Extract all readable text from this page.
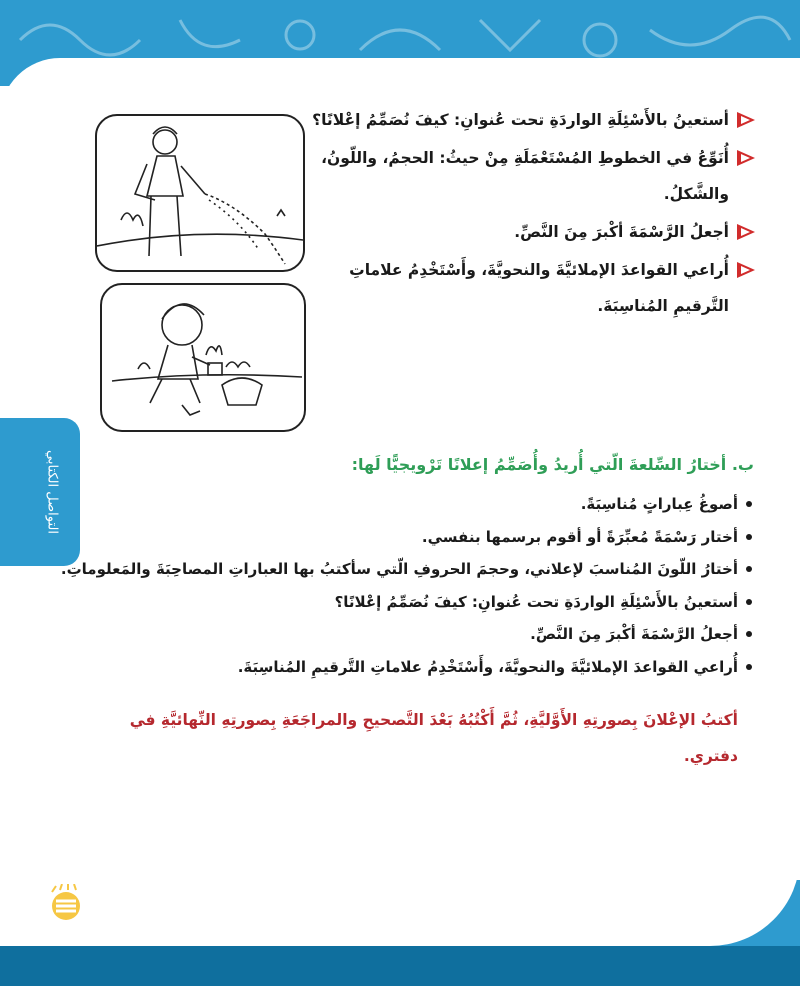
١٦٣
التواصل الكتابي
أستعينُ بالأَسْئِلَةِ الواردَةِ تحت عُنوانِ: كيفَ نُصَمِّمُ إعْلانًا؟
أُنَوِّعُ في الخطوطِ المُسْتَعْمَلَةِ مِنْ حيثُ: الحجمُ، واللّونُ، والشَّكلُ.
أجعلُ الرَّسْمَةَ أكْبرَ مِنَ النَّصِّ.
أُراعي القواعدَ الإملائيَّةَ والنحويَّةَ، وأَسْتَخْدِمُ علاماتِ التَّرقيمِ المُناسِبَةَ.
ب. أختارُ السِّلعةَ الّتي أُريدُ وأُصَمِّمُ إعلانًا تَرْويجيًّا لَها:
أصوغُ عِباراتٍ مُناسِبَةً.
أختار رَسْمَةً مُعبِّرَةً أو أقوم برسمها بنفسي.
أختارُ اللّونَ المُناسبَ لإعلاني، وحجمَ الحروفِ الّتي سأكتبُ بها العباراتِ المصاحِبَةَ والمَعلوماتِ.
أستعينُ بالأَسْئِلَةِ الواردَةِ تحت عُنوانِ: كيفَ نُصَمِّمُ إعْلانًا؟
أجعلُ الرَّسْمَةَ أكْبرَ مِنَ النَّصِّ.
أُراعي القواعدَ الإملائيَّةَ والنحويَّةَ، وأَسْتَخْدِمُ علاماتِ التَّرقيمِ المُناسِبَةَ.
أكتبُ الإعْلانَ بِصورتِهِ الأَوَّليَّةِ، ثُمَّ أَكْتُبُهُ بَعْدَ التَّصحيحِ والمراجَعَةِ بِصورتِهِ النِّهائيَّةِ في دفتري.
